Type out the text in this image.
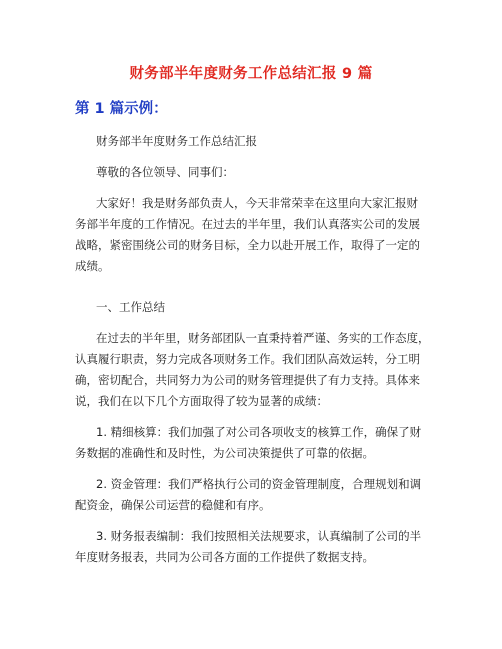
财务部半年度财务工作总结汇报 9 篇
第 1 篇示例：
财务部半年度财务工作总结汇报
尊敬的各位领导、同事们：
大家好！我是财务部负责人，今天非常荣幸在这里向大家汇报财
务部半年度的工作情况。在过去的半年里，我们认真落实公司的发展
战略，紧密围绕公司的财务目标，全力以赴开展工作，取得了一定的
成绩。
一、工作总结
在过去的半年里，财务部团队一直秉持着严谨、务实的工作态度，
认真履行职责，努力完成各项财务工作。我们团队高效运转，分工明
确，密切配合，共同努力为公司的财务管理提供了有力支持。具体来
说，我们在以下几个方面取得了较为显著的成绩：
1. 精细核算：我们加强了对公司各项收支的核算工作，确保了财
务数据的准确性和及时性，为公司决策提供了可靠的依据。
2. 资金管理：我们严格执行公司的资金管理制度，合理规划和调
配资金，确保公司运营的稳健和有序。
3. 财务报表编制：我们按照相关法规要求，认真编制了公司的半
年度财务报表，共同为公司各方面的工作提供了数据支持。
